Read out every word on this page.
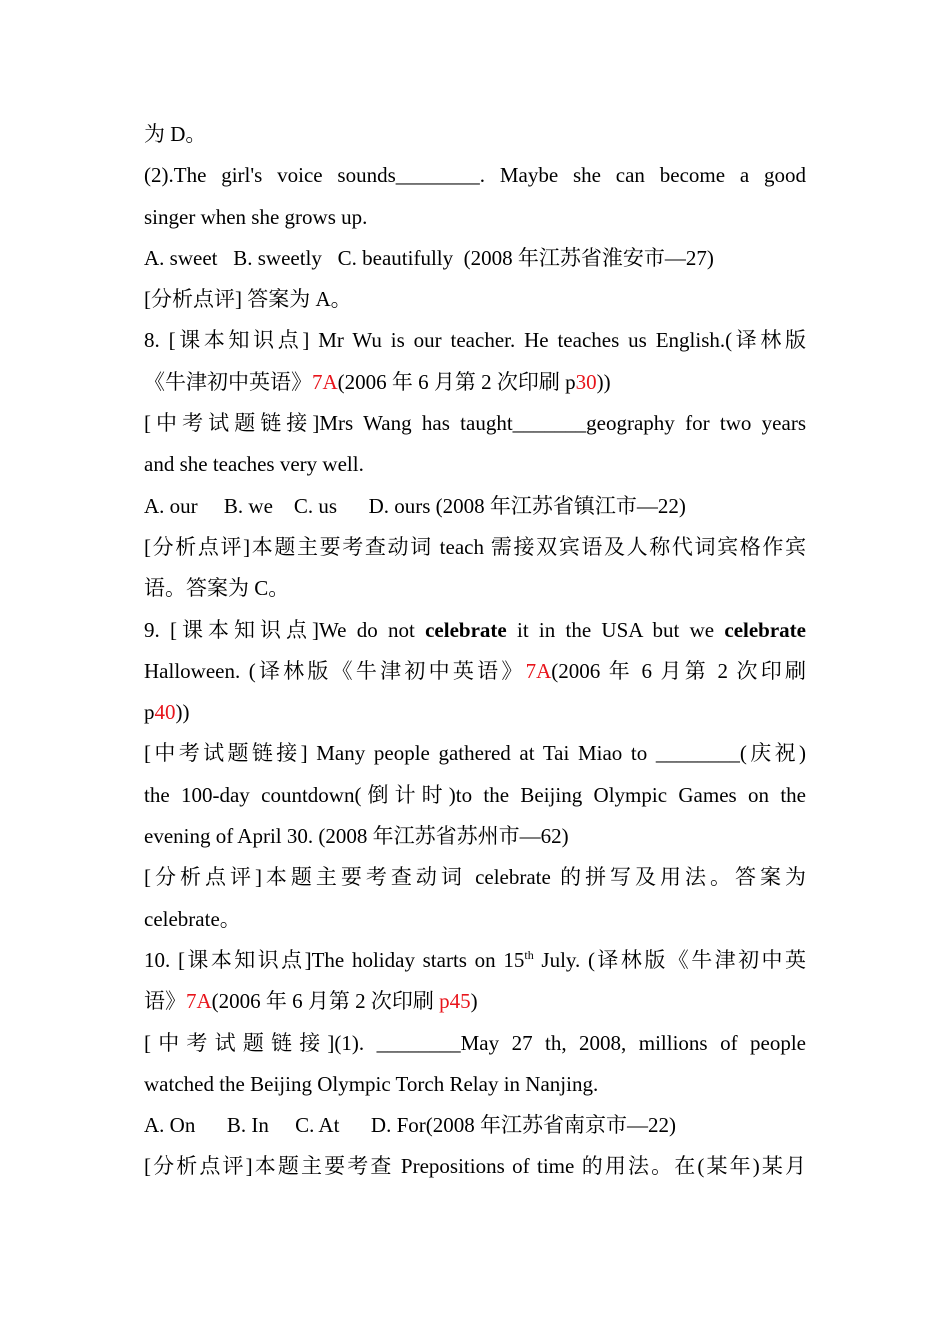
为 D。
(2).The girl's voice sounds________. Maybe she can become a good
singer when she grows up.
A. sweet   B. sweetly   C. beautifully  (2008 年江苏省淮安市—27)
[分析点评] 答案为 A。
8. [课本知识点] Mr Wu is our teacher. He teaches us English.(译林版
《牛津初中英语》7A(2006 年 6 月第 2 次印刷 p30))
[中考试题链接]Mrs Wang has taught_______geography for two years
and she teaches very well.
A. our     B. we    C. us      D. ours (2008 年江苏省镇江市—22)
[分析点评]本题主要考查动词 teach 需接双宾语及人称代词宾格作宾
语。答案为 C。
9. [课本知识点]We do not celebrate it in the USA but we celebrate
Halloween. (译林版《牛津初中英语》7A(2006 年 6 月第 2 次印刷
p40))
[中考试题链接] Many people gathered at Tai Miao to ________(庆祝)
the 100-day countdown(倒计时)to the Beijing Olympic Games on the
evening of April 30. (2008 年江苏省苏州市—62)
[分析点评]本题主要考查动词 celebrate 的拼写及用法。答案为
celebrate。
10. [课本知识点]The holiday starts on 15th July. (译林版《牛津初中英
语》7A(2006 年 6 月第 2 次印刷 p45)
[中考试题链接](1). ________May 27 th, 2008, millions of people
watched the Beijing Olympic Torch Relay in Nanjing.
A. On      B. In     C. At      D. For(2008 年江苏省南京市—22)
[分析点评]本题主要考查 Prepositions of time 的用法。在(某年)某月
